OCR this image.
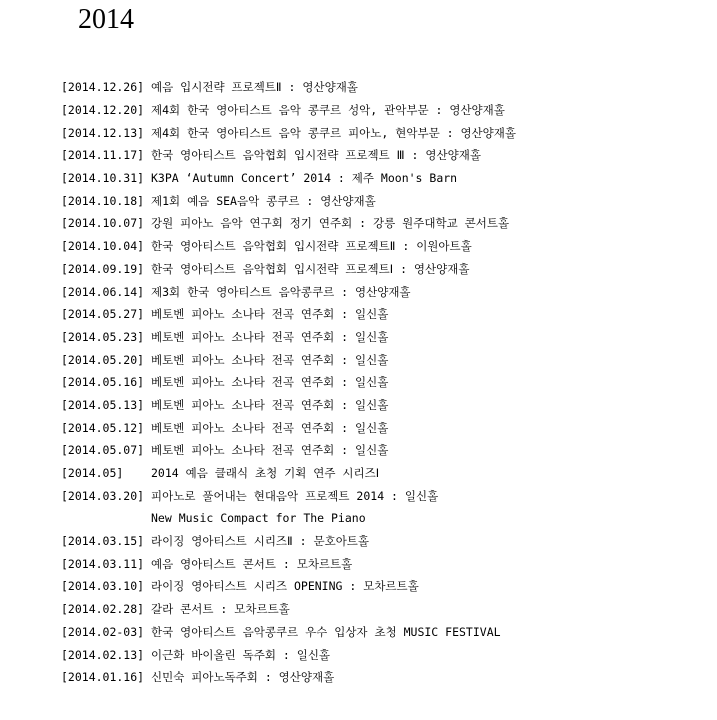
2014
[2014.12.26] 예음 입시전략 프로젝트Ⅱ : 영산양재홀
[2014.12.20] 제4회 한국 영아티스트 음악 콩쿠르 성악, 관악부문 : 영산양재홀
[2014.12.13] 제4회 한국 영아티스트 음악 콩쿠르 피아노, 현악부문 : 영산양재홀
[2014.11.17] 한국 영아티스트 음악협회 입시전략 프로젝트 Ⅲ : 영산양재홀
[2014.10.31] K3PA ‘Autumn Concert’ 2014 : 제주 Moon's Barn
[2014.10.18] 제1회 예음 SEA음악 콩쿠르 : 영산양재홀
[2014.10.07] 강원 피아노 음악 연구회 정기 연주회 : 강릉 원주대학교 콘서트홀
[2014.10.04] 한국 영아티스트 음악협회 입시전략 프로젝트Ⅱ : 이원아트홀
[2014.09.19] 한국 영아티스트 음악협회 입시전략 프로젝트Ⅰ : 영산양재홀
[2014.06.14] 제3회 한국 영아티스트 음악콩쿠르 : 영산양재홀
[2014.05.27] 베토벤 피아노 소나타 전곡 연주회 : 일신홀
[2014.05.23] 베토벤 피아노 소나타 전곡 연주회 : 일신홀
[2014.05.20] 베토벤 피아노 소나타 전곡 연주회 : 일신홀
[2014.05.16] 베토벤 피아노 소나타 전곡 연주회 : 일신홀
[2014.05.13] 베토벤 피아노 소나타 전곡 연주회 : 일신홀
[2014.05.12] 베토벤 피아노 소나타 전곡 연주회 : 일신홀
[2014.05.07] 베토벤 피아노 소나타 전곡 연주회 : 일신홀
[2014.05]	2014 예음 클래식 초청 기획 연주 시리즈Ⅰ
[2014.03.20] 피아노로 풀어내는 현대음악 프로젝트 2014 : 일신홀
New Music Compact for The Piano
[2014.03.15] 라이징 영아티스트 시리즈Ⅱ : 문호아트홀
[2014.03.11] 예음 영아티스트 콘서트 : 모차르트홀
[2014.03.10] 라이징 영아티스트 시리즈 OPENING : 모차르트홀
[2014.02.28] 갈라 콘서트 : 모차르트홀
[2014.02-03] 한국 영아티스트 음악콩쿠르 우수 입상자 초청 MUSIC FESTIVAL
[2014.02.13] 이근화 바이올린 독주회 : 일신홀
[2014.01.16] 신민숙 피아노독주회 : 영산양재홀
